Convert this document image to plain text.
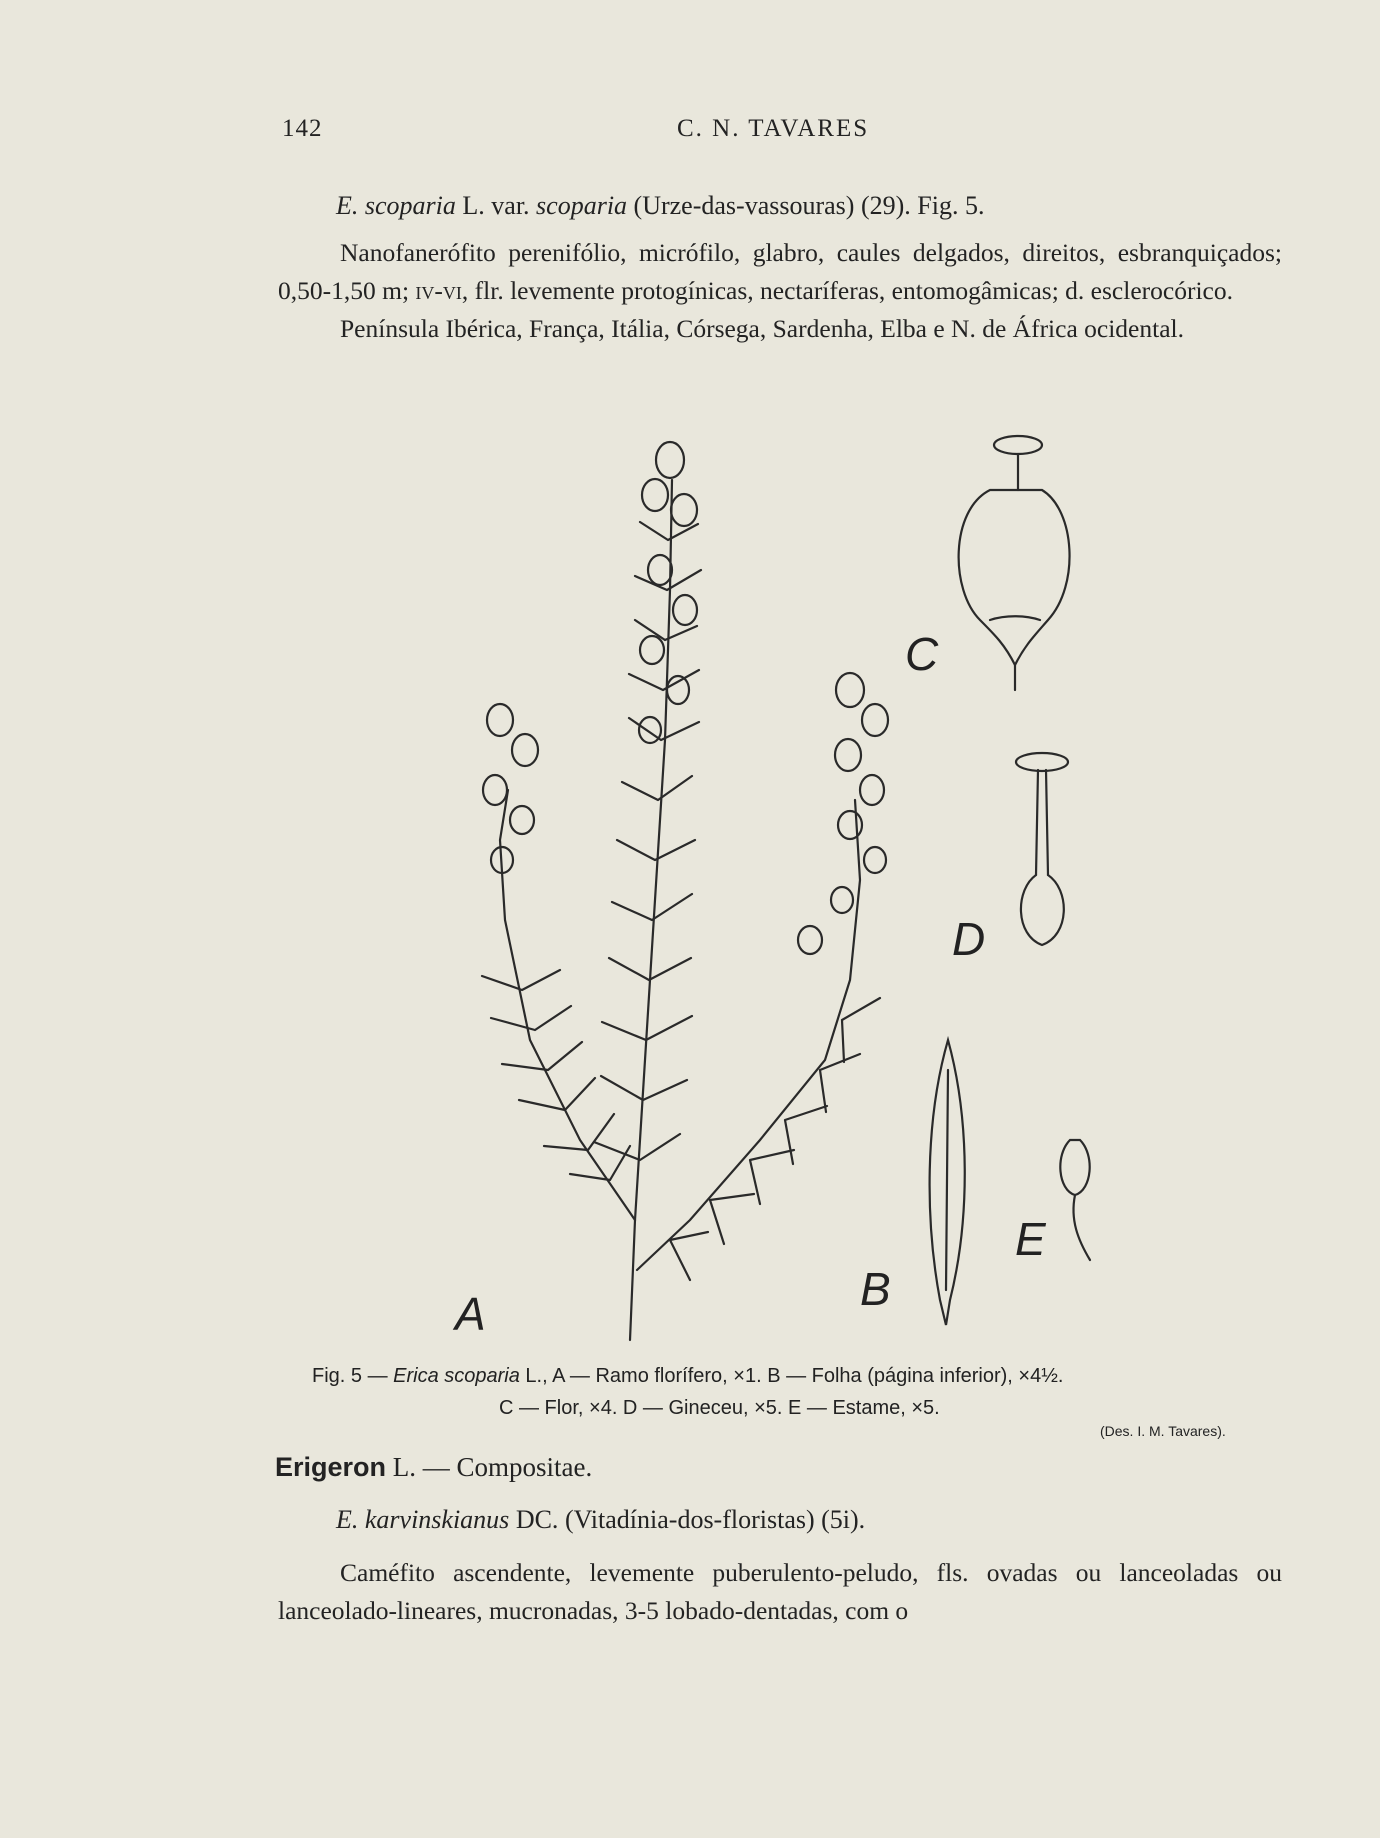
142	C. N. TAVARES
E. scoparia L. var. scoparia (Urze-das-vassouras) (29). Fig. 5.

Nanofanerófito perenifólio, micrófilo, glabro, caules delgados, direitos, esbranquiçados; 0,50-1,50 m; iv-vi, flr. levemente protogínicas, nectaríferas, entomogâmicas; d. esclerocórico.

Península Ibérica, França, Itália, Córsega, Sardenha, Elba e N. de África ocidental.

A	B
C
D
E
Fig. 5 — Erica scoparia L., A — Ramo florífero, ×1. B — Folha (página inferior), ×4½.
C — Flor, ×4. D — Gineceu, ×5. E — Estame, ×5.
(Des. I. M. Tavares).
Erigeron L. — Compositae.
E. karvinskianus DC. (Vitadínia-dos-floristas) (5i).

Caméfito ascendente, levemente puberulento-peludo, fls. ovadas ou lanceoladas ou lanceolado-lineares, mucronadas, 3-5 lobado-dentadas, com o
